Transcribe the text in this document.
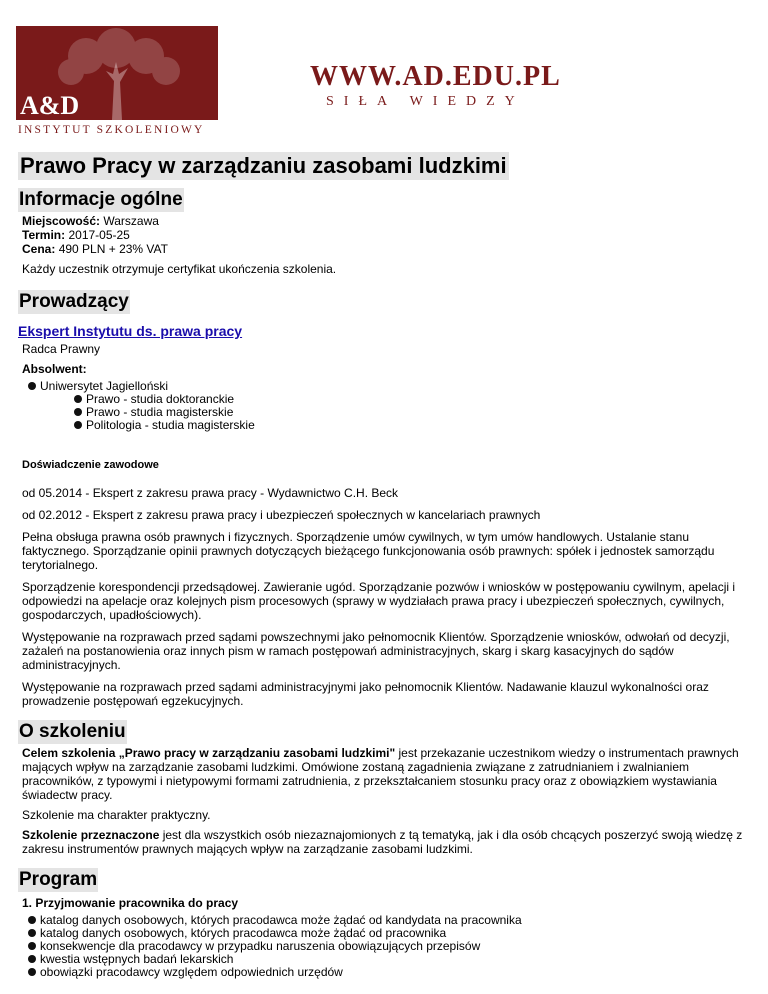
A&D
INSTYTUT SZKOLENIOWY
WWW.AD.EDU.PL
SIŁA WIEDZY
Prawo Pracy w zarządzaniu zasobami ludzkimi
Informacje ogólne
Miejscowość: Warszawa
Termin: 2017-05-25
Cena: 490 PLN + 23% VAT

Każdy uczestnik otrzymuje certyfikat ukończenia szkolenia.

Prowadzący
Ekspert Instytutu ds. prawa pracy
Radca Prawny
Absolwent:
Uniwersytet Jagielloński
Prawo - studia doktoranckie
Prawo - studia magisterskie
Politologia - studia magisterskie
Doświadczenie zawodowe

od 05.2014 - Ekspert z zakresu prawa pracy - Wydawnictwo C.H. Beck

od 02.2012 - Ekspert z zakresu prawa pracy i ubezpieczeń społecznych w kancelariach prawnych

Pełna obsługa prawna osób prawnych i fizycznych. Sporządzenie umów cywilnych, w tym umów handlowych. Ustalanie stanu faktycznego. Sporządzanie opinii prawnych dotyczących bieżącego funkcjonowania osób prawnych: spółek i jednostek samorządu terytorialnego.

Sporządzenie korespondencji przedsądowej. Zawieranie ugód. Sporządzanie pozwów i wniosków w postępowaniu cywilnym, apelacji i odpowiedzi na apelacje oraz kolejnych pism procesowych (sprawy w wydziałach prawa pracy i ubezpieczeń społecznych, cywilnych, gospodarczych, upadłościowych).

Występowanie na rozprawach przed sądami powszechnymi jako pełnomocnik Klientów. Sporządzenie wniosków, odwołań od decyzji, zażaleń na postanowienia oraz innych pism w ramach postępowań administracyjnych, skarg i skarg kasacyjnych do sądów administracyjnych.

Występowanie na rozprawach przed sądami administracyjnymi jako pełnomocnik Klientów. Nadawanie klauzul wykonalności oraz prowadzenie postępowań egzekucyjnych.

O szkoleniu

Celem szkolenia „Prawo pracy w zarządzaniu zasobami ludzkimi" jest przekazanie uczestnikom wiedzy o instrumentach prawnych mających wpływ na zarządzanie zasobami ludzkimi. Omówione zostaną zagadnienia związane z zatrudnianiem i zwalnianiem pracowników, z typowymi i nietypowymi formami zatrudnienia, z przekształcaniem stosunku pracy oraz z obowiązkiem wystawiania świadectw pracy.

Szkolenie ma charakter praktyczny.

Szkolenie przeznaczone jest dla wszystkich osób niezaznajomionych z tą tematyką, jak i dla osób chcących poszerzyć swoją wiedzę z zakresu instrumentów prawnych mających wpływ na zarządzanie zasobami ludzkimi.

Program
1. Przyjmowanie pracownika do pracy
katalog danych osobowych, których pracodawca może żądać od kandydata na pracownika
katalog danych osobowych, których pracodawca może żądać od pracownika
konsekwencje dla pracodawcy w przypadku naruszenia obowiązujących przepisów
kwestia wstępnych badań lekarskich
obowiązki pracodawcy względem odpowiednich urzędów
